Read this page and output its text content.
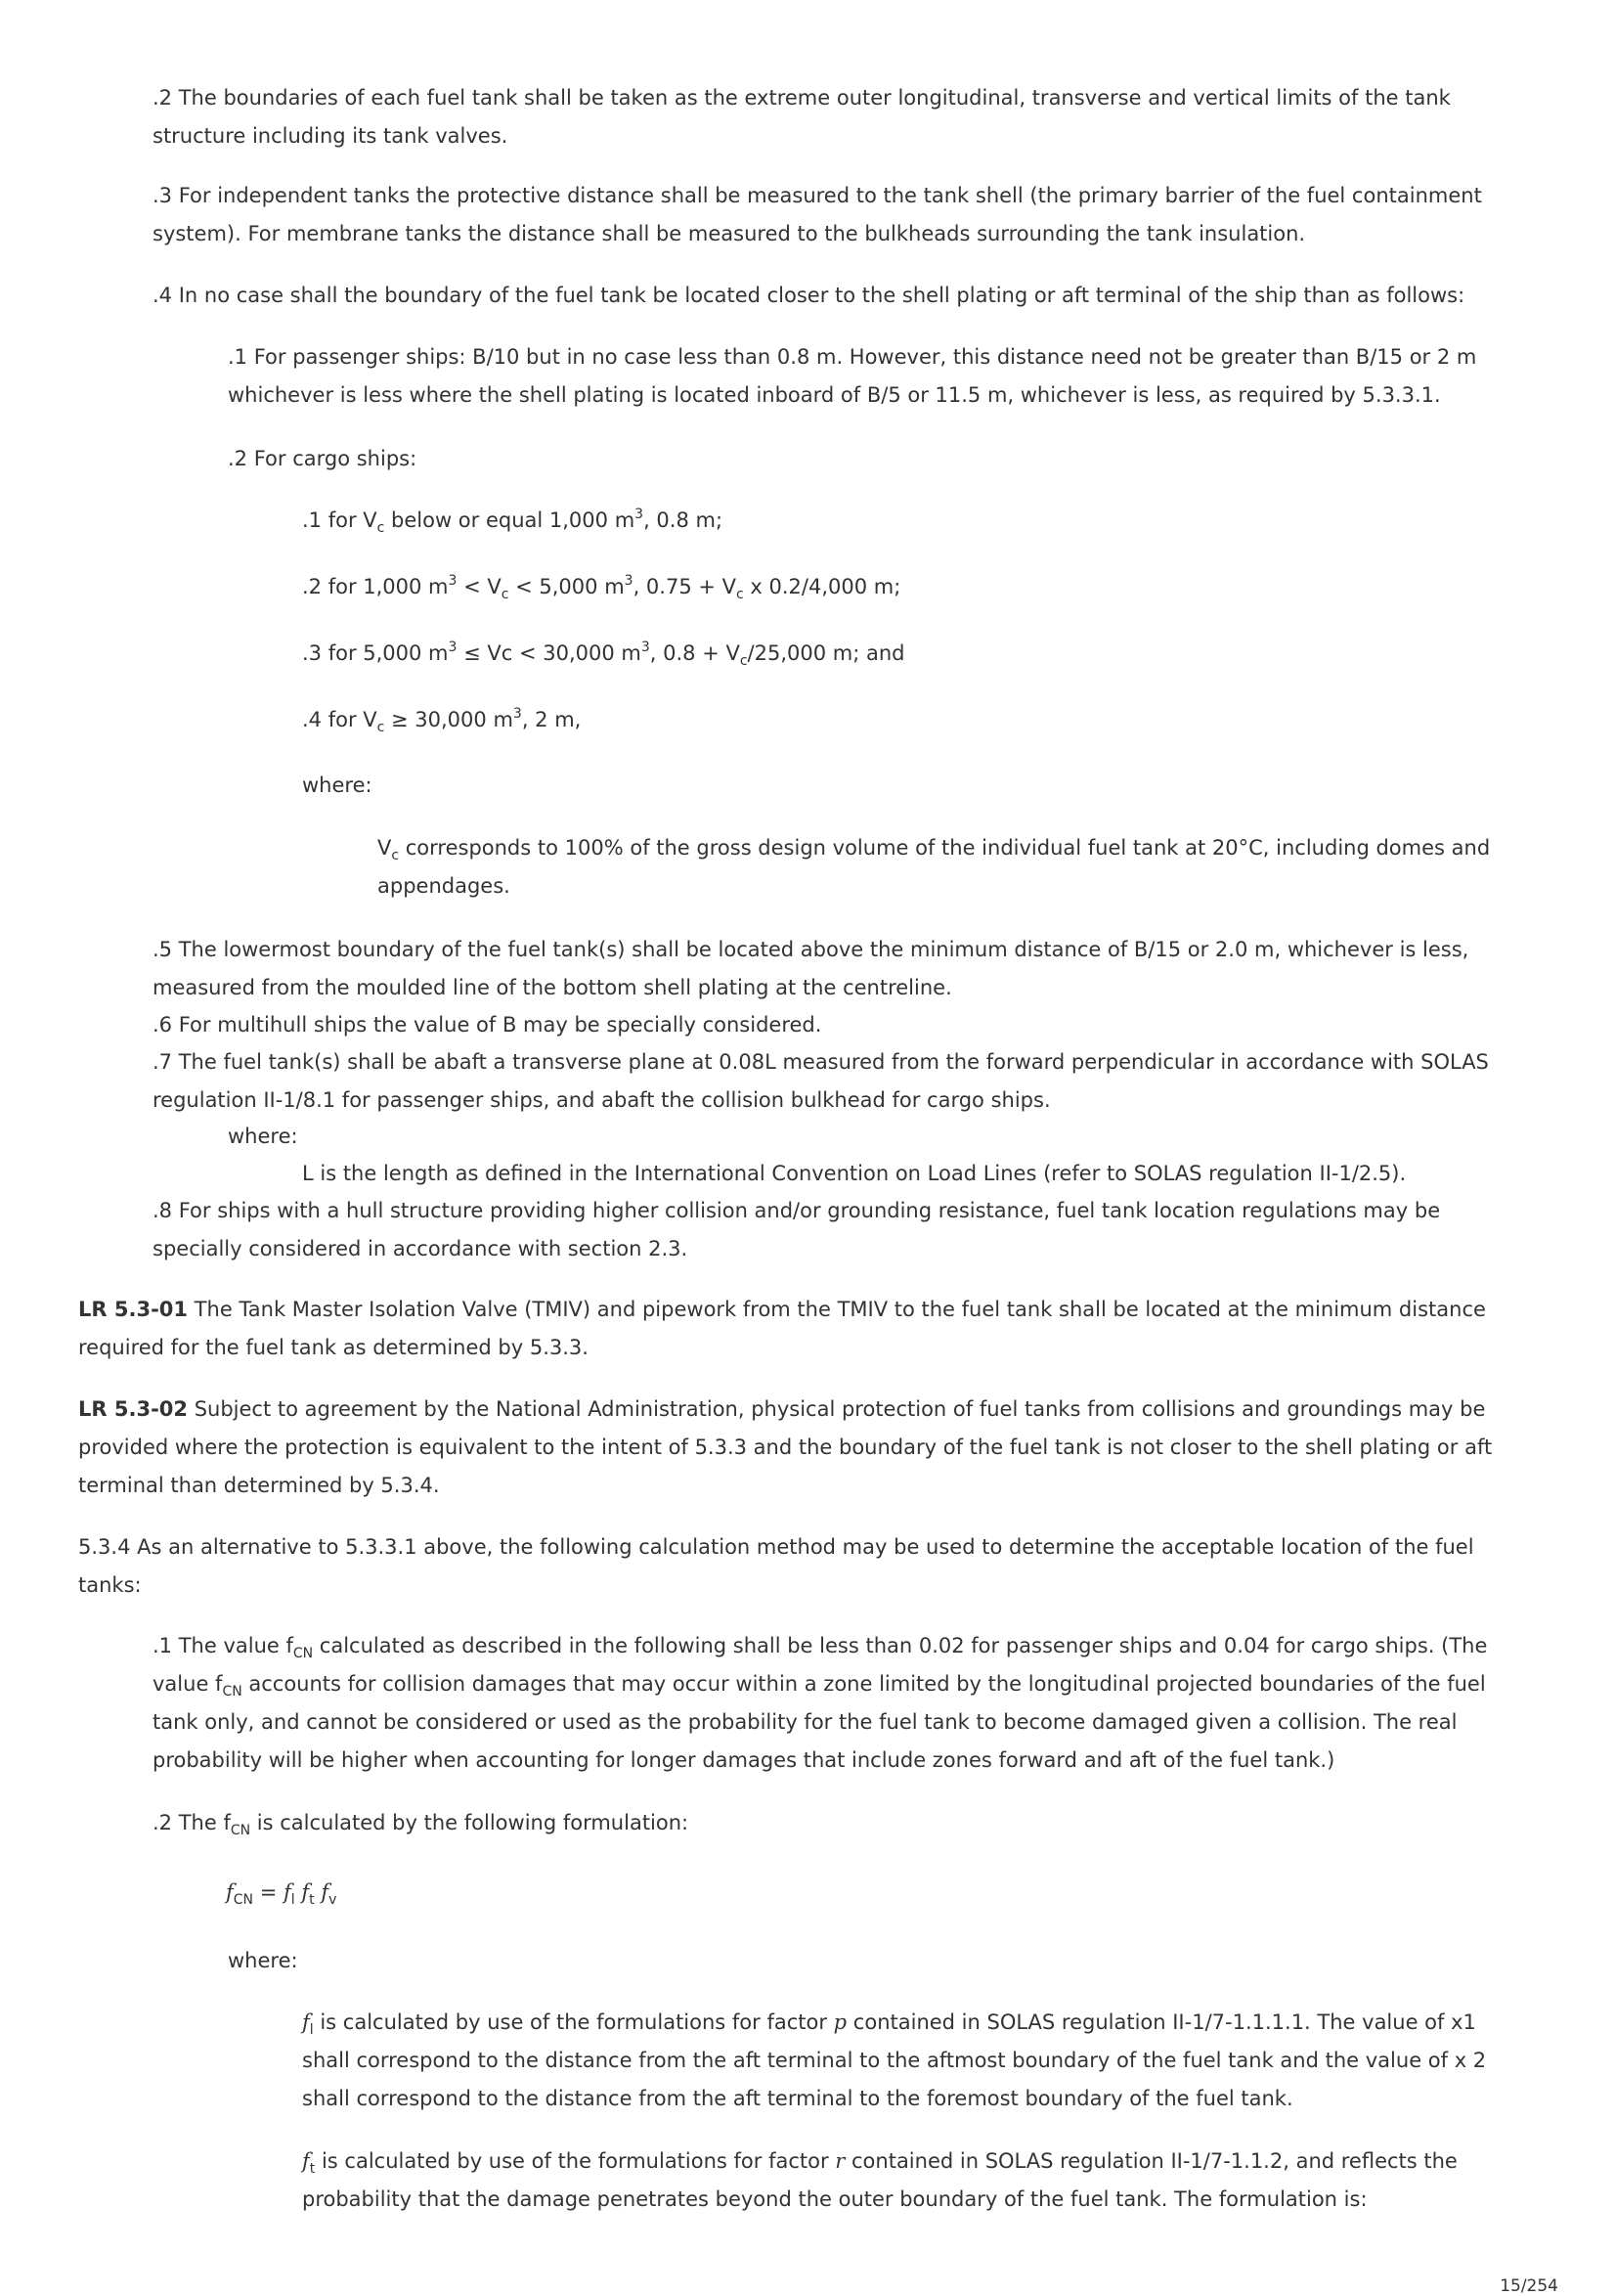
.2 The boundaries of each fuel tank shall be taken as the extreme outer longitudinal, transverse and vertical limits of the tank
structure including its tank valves.

.3 For independent tanks the protective distance shall be measured to the tank shell (the primary barrier of the fuel containment
system). For membrane tanks the distance shall be measured to the bulkheads surrounding the tank insulation.

.4 In no case shall the boundary of the fuel tank be located closer to the shell plating or aft terminal of the ship than as follows:

.1 For passenger ships: B/10 but in no case less than 0.8 m. However, this distance need not be greater than B/15 or 2 m
whichever is less where the shell plating is located inboard of B/5 or 11.5 m, whichever is less, as required by 5.3.3.1.

.2 For cargo ships:

.1 for $V_c$ below or equal 1,000 $m^3$, 0.8 m;

.2 for 1,000 $m^3 < V_c < 5,000$ $m^3$, $0.75 + V_c$ x 0.2/4,000 m;

.3 for 5,000 $m^3 \le Vc < 30,000$ $m^3$, $0.8 + V_c/25,000$ m; and

.4 for $V_c \ge 30,000$ $m^3$, 2 m,

where:

$V_c$ corresponds to 100% of the gross design volume of the individual fuel tank at 20°C, including domes and
appendages.

.5 The lowermost boundary of the fuel tank(s) shall be located above the minimum distance of B/15 or 2.0 m, whichever is less,
measured from the moulded line of the bottom shell plating at the centreline.

.6 For multihull ships the value of B may be specially considered.

.7 The fuel tank(s) shall be abaft a transverse plane at 0.08L measured from the forward perpendicular in accordance with SOLAS
regulation II-1/8.1 for passenger ships, and abaft the collision bulkhead for cargo ships.

where:

L is the length as defined in the International Convention on Load Lines (refer to SOLAS regulation II-1/2.5).

.8 For ships with a hull structure providing higher collision and/or grounding resistance, fuel tank location regulations may be
specially considered in accordance with section 2.3.

LR 5.3-01 The Tank Master Isolation Valve (TMIV) and pipework from the TMIV to the fuel tank shall be located at the minimum distance
required for the fuel tank as determined by 5.3.3.

LR 5.3-02 Subject to agreement by the National Administration, physical protection of fuel tanks from collisions and groundings may be
provided where the protection is equivalent to the intent of 5.3.3 and the boundary of the fuel tank is not closer to the shell plating or aft
terminal than determined by 5.3.4.

5.3.4 As an alternative to 5.3.3.1 above, the following calculation method may be used to determine the acceptable location of the fuel
tanks:

.1 The value $f_{CN}$ calculated as described in the following shall be less than 0.02 for passenger ships and 0.04 for cargo ships. (The
value $f_{CN}$ accounts for collision damages that may occur within a zone limited by the longitudinal projected boundaries of the fuel
tank only, and cannot be considered or used as the probability for the fuel tank to become damaged given a collision. The real
probability will be higher when accounting for longer damages that include zones forward and aft of the fuel tank.)

.2 The $f_{CN}$ is calculated by the following formulation:

$f_{CN} = f_l$ $f_t$ $f_v$

where:

$f_l$ is calculated by use of the formulations for factor p contained in SOLAS regulation II-1/7-1.1.1.1. The value of x1
shall correspond to the distance from the aft terminal to the aftmost boundary of the fuel tank and the value of x 2
shall correspond to the distance from the aft terminal to the foremost boundary of the fuel tank.

$f_t$ is calculated by use of the formulations for factor r contained in SOLAS regulation II-1/7-1.1.2, and reflects the
probability that the damage penetrates beyond the outer boundary of the fuel tank. The formulation is:

15/254
